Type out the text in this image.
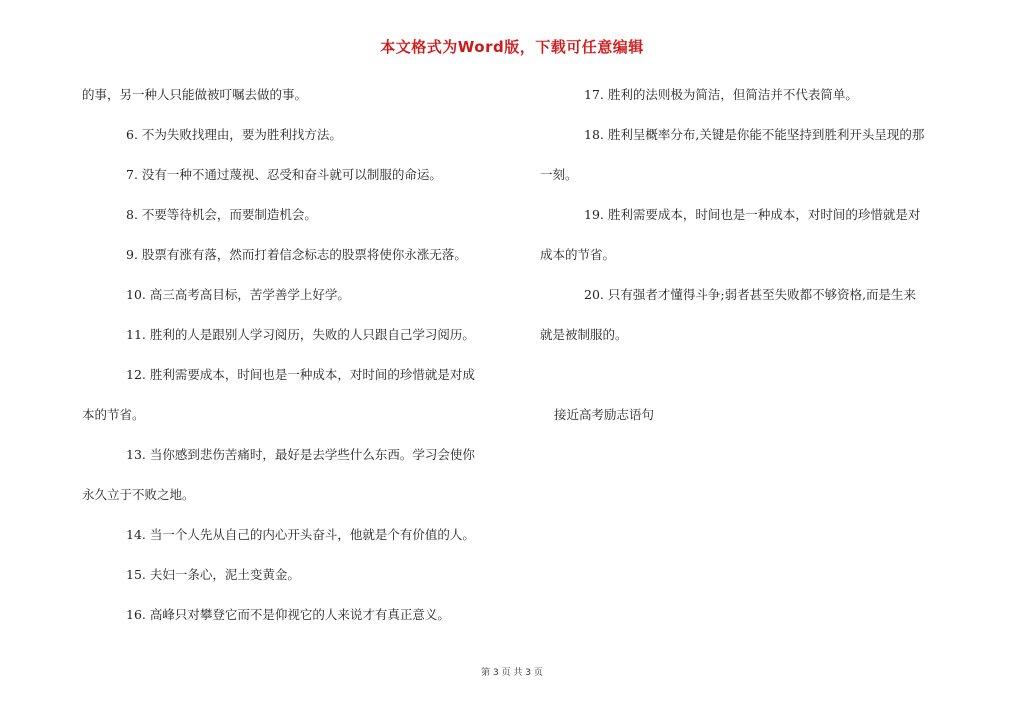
本文格式为Word版，下载可任意编辑
的事，另一种人只能做被叮嘱去做的事。
6. 不为失败找理由，要为胜利找方法。
7. 没有一种不通过蔑视、忍受和奋斗就可以制服的命运。
8. 不要等待机会，而要制造机会。
9. 股票有涨有落，然而打着信念标志的股票将使你永涨无落。
10. 高三高考高目标，苦学善学上好学。
11. 胜利的人是跟别人学习阅历，失败的人只跟自己学习阅历。
12. 胜利需要成本，时间也是一种成本，对时间的珍惜就是对成
本的节省。
13. 当你感到悲伤苦痛时，最好是去学些什么东西。学习会使你
永久立于不败之地。
14. 当一个人先从自己的内心开头奋斗，他就是个有价值的人。
15. 夫妇一条心，泥土变黄金。
16. 高峰只对攀登它而不是仰视它的人来说才有真正意义。
17. 胜利的法则极为简洁，但简洁并不代表简单。
18. 胜利呈概率分布,关键是你能不能坚持到胜利开头呈现的那
一刻。
19. 胜利需要成本，时间也是一种成本，对时间的珍惜就是对
成本的节省。
20. 只有强者才懂得斗争;弱者甚至失败都不够资格,而是生来
就是被制服的。
接近高考励志语句
第 3 页 共 3 页
